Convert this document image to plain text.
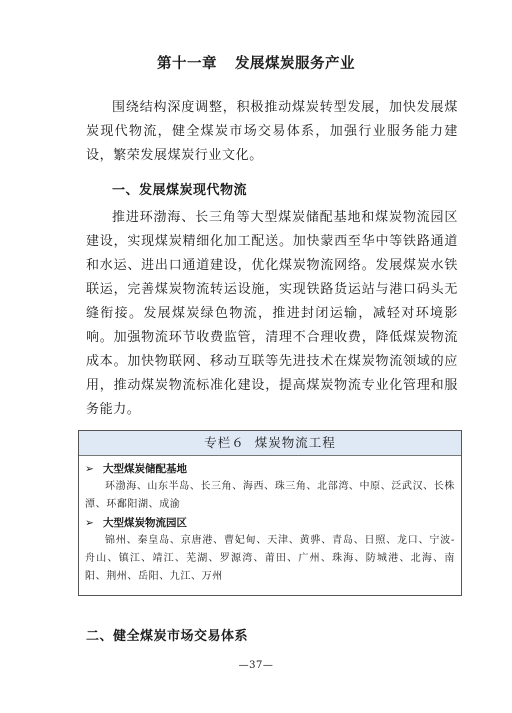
第十一章 发展煤炭服务产业

围绕结构深度调整，积极推动煤炭转型发展，加快发展煤炭现代物流，健全煤炭市场交易体系，加强行业服务能力建设，繁荣发展煤炭行业文化。

一、发展煤炭现代物流

推进环渤海、长三角等大型煤炭储配基地和煤炭物流园区建设，实现煤炭精细化加工配送。加快蒙西至华中等铁路通道和水运、进出口通道建设，优化煤炭物流网络。发展煤炭水铁联运，完善煤炭物流转运设施，实现铁路货运站与港口码头无缝衔接。发展煤炭绿色物流，推进封闭运输，减轻对环境影响。加强物流环节收费监管，清理不合理收费，降低煤炭物流成本。加快物联网、移动互联等先进技术在煤炭物流领域的应用，推动煤炭物流标准化建设，提高煤炭物流专业化管理和服务能力。

专栏６ 煤炭物流工程
➢ 大型煤炭储配基地

环渤海、山东半岛、长三角、海西、珠三角、北部湾、中原、泛武汉、长株潭、环鄱阳湖、成渝

➢ 大型煤炭物流园区

锦州、秦皇岛、京唐港、曹妃甸、天津、黄骅、青岛、日照、龙口、宁波-舟山、镇江、靖江、芜湖、罗源湾、莆田、广州、珠海、防城港、北海、南阳、荆州、岳阳、九江、万州

二、健全煤炭市场交易体系
—37—
